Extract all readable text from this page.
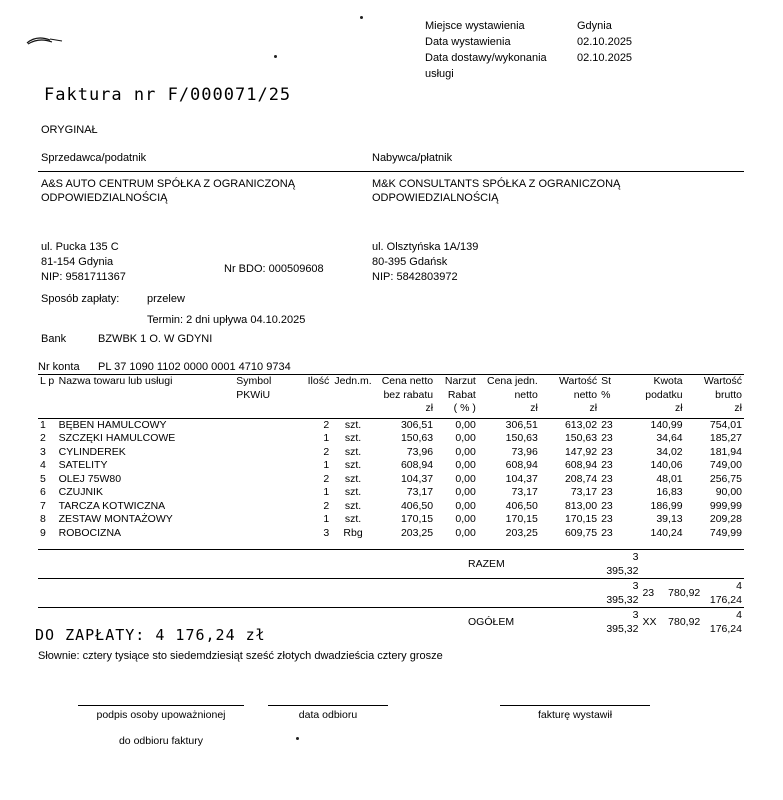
Miejsce wystawienia	Gdynia
Data wystawienia	02.10.2025
Data dostawy/wykonania usługi
02.10.2025
Faktura nr F/000071/25
ORYGINAŁ
Sprzedawca/podatnik	Nabywca/płatnik
A&S AUTO CENTRUM SPÓŁKA Z OGRANICZONĄ ODPOWIEDZIALNOŚCIĄ
M&K CONSULTANTS SPÓŁKA Z OGRANICZONĄ ODPOWIEDZIALNOŚCIĄ
ul. Pucka 135 C
81-154 Gdynia
NIP: 9581711367
Nr BDO: 000509608
ul. Olsztyńska 1A/139
80-395 Gdańsk
NIP: 5842803972
Sposób zapłaty:	przelew
Termin: 2 dni upływa 04.10.2025
Bank	BZWBK 1 O. W GDYNI
Nr konta PL 37 1090 1102 0000 0001 4710 9734
L p	Nazwa towaru lub usługi	Symbol	Ilość	Jedn.m.	Cena netto	Narzut	Cena jedn.	Wartość	St	Kwota	Wartość
		PKWiU			bez rabatu	Rabat	netto	netto	%	podatku	brutto
					zł	( % )	zł	zł		zł	zł
1	BĘBEN HAMULCOWY		2	szt.	306,51	0,00	306,51	613,02	23	140,99	754,01
2	SZCZĘKI HAMULCOWE		1	szt.	150,63	0,00	150,63	150,63	23	34,64	185,27
3	CYLINDEREK		2	szt.	73,96	0,00	73,96	147,92	23	34,02	181,94
4	SATELITY		1	szt.	608,94	0,00	608,94	608,94	23	140,06	749,00
5	OLEJ 75W80		2	szt.	104,37	0,00	104,37	208,74	23	48,01	256,75
6	CZUJNIK		1	szt.	73,17	0,00	73,17	73,17	23	16,83	90,00
7	TARCZA KOTWICZNA		2	szt.	406,50	0,00	406,50	813,00	23	186,99	999,99
8	ZESTAW MONTAŻOWY		1	szt.	170,15	0,00	170,15	170,15	23	39,13	209,28
9	ROBOCIZNA		3	Rbg	203,25	0,00	203,25	609,75	23	140,24	749,99
RAZEM	3 395,32			
	3 395,32	23	780,92	4 176,24
OGÓŁEM	3 395,32	XX	780,92	4 176,24
DO ZAPŁATY: 4 176,24 zł
Słownie: cztery tysiące sto siedemdziesiąt sześć złotych dwadzieścia cztery grosze
podpis osoby upoważnionej
do odbioru faktury
data odbioru	fakturę wystawił
